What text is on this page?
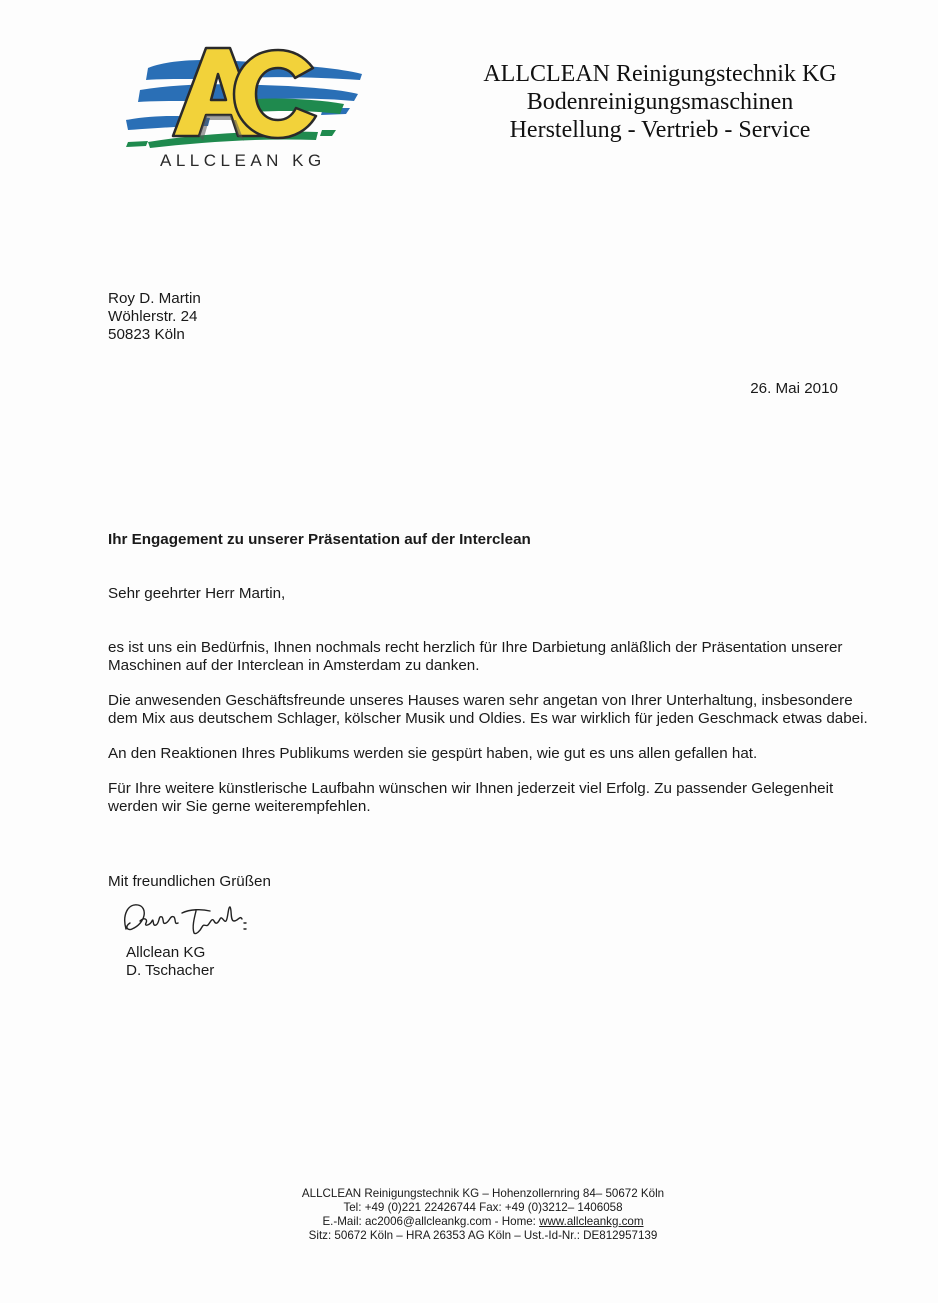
ALLCLEAN KG
ALLCLEAN Reinigungstechnik KG
Bodenreinigungsmaschinen
Herstellung - Vertrieb - Service
Roy D. Martin
Wöhlerstr. 24
50823 Köln
26. Mai 2010
Ihr Engagement zu unserer Präsentation auf der Interclean
Sehr geehrter Herr Martin,

es ist uns ein Bedürfnis, Ihnen nochmals recht herzlich für Ihre Darbietung anläßlich der Präsentation unserer Maschinen auf der Interclean in Amsterdam zu danken.

Die anwesenden Geschäftsfreunde unseres Hauses waren sehr angetan von Ihrer Unterhaltung, insbesondere dem Mix aus deutschem Schlager, kölscher Musik und Oldies. Es war wirklich für jeden Geschmack etwas dabei.

An den Reaktionen Ihres Publikums werden sie gespürt haben, wie gut es uns allen gefallen hat.

Für Ihre weitere künstlerische Laufbahn wünschen wir Ihnen jederzeit viel Erfolg. Zu passender Gelegenheit werden wir Sie gerne weiterempfehlen.

Mit freundlichen Grüßen
Allclean KG
D. Tschacher
ALLCLEAN Reinigungstechnik KG – Hohenzollernring 84– 50672 Köln
Tel: +49 (0)221 22426744 Fax: +49 (0)3212– 1406058
E.-Mail: ac2006@allcleankg.com - Home: www.allcleankg.com
Sitz: 50672 Köln – HRA 26353 AG Köln – Ust.-Id-Nr.: DE812957139
